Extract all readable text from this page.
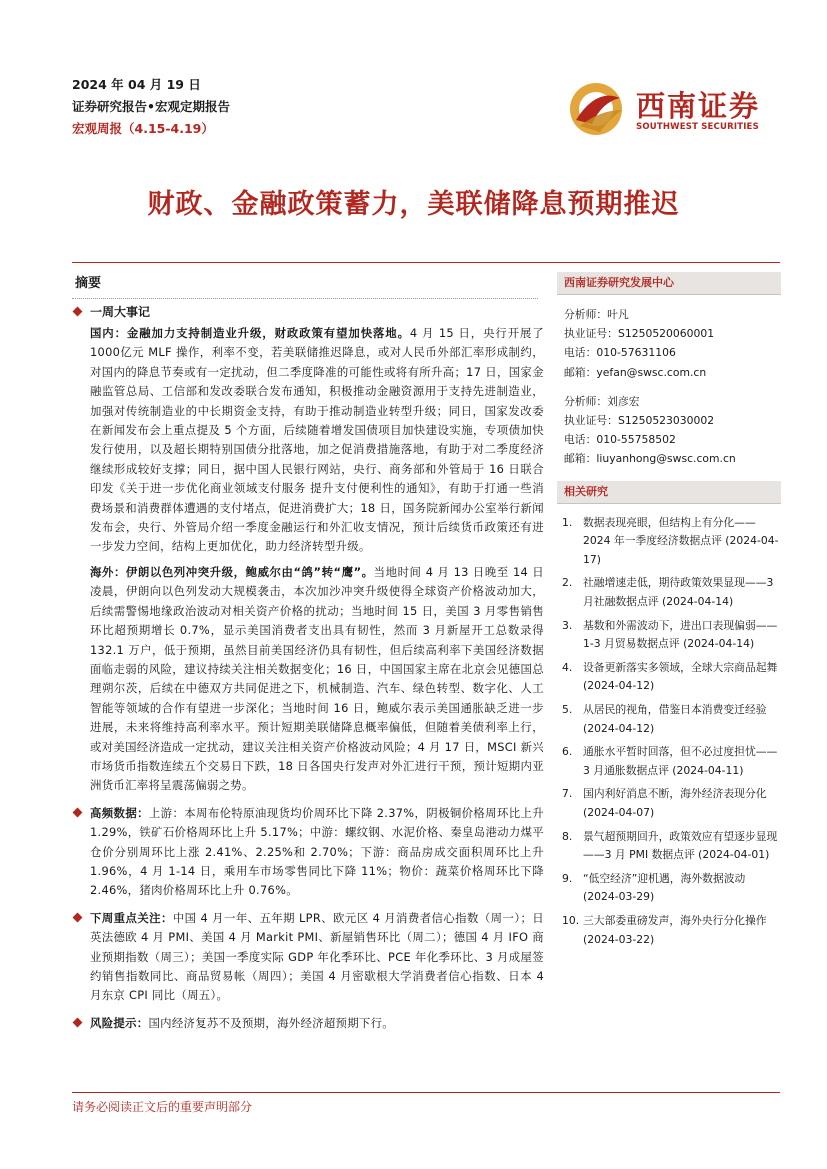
2024 年 04 月 19 日
证券研究报告•宏观定期报告
宏观周报（4.15-4.19）
西南证券
SOUTHWEST SECURITIES
财政、金融政策蓄力，美联储降息预期推迟
摘要
一周大事记
国内：金融加力支持制造业升级，财政政策有望加快落地。4 月 15 日，央行开展了 1000亿元 MLF 操作，利率不变，若美联储推迟降息，或对人民币外部汇率形成制约，对国内的降息节奏或有一定扰动，但二季度降准的可能性或将有所升高；17 日，国家金融监管总局、工信部和发改委联合发布通知，积极推动金融资源用于支持先进制造业，加强对传统制造业的中长期资金支持，有助于推动制造业转型升级；同日，国家发改委在新闻发布会上重点提及 5 个方面，后续随着增发国债项目加快建设实施，专项债加快发行使用，以及超长期特别国债分批落地，加之促消费措施落地，有助于对二季度经济继续形成较好支撑；同日，据中国人民银行网站，央行、商务部和外管局于 16 日联合印发《关于进一步优化商业领域支付服务 提升支付便利性的通知》，有助于打通一些消费场景和消费群体遭遇的支付堵点，促进消费扩大；18 日，国务院新闻办公室举行新闻发布会，央行、外管局介绍一季度金融运行和外汇收支情况，预计后续货币政策还有进一步发力空间，结构上更加优化，助力经济转型升级。
海外：伊朗以色列冲突升级，鲍威尔由“鸽”转“鹰”。当地时间 4 月 13 日晚至 14 日凌晨，伊朗向以色列发动大规模袭击，本次加沙冲突升级使得全球资产价格波动加大，后续需警惕地缘政治波动对相关资产价格的扰动；当地时间 15 日，美国 3 月零售销售环比超预期增长 0.7%，显示美国消费者支出具有韧性，然而 3 月新屋开工总数录得 132.1 万户，低于预期，虽然目前美国经济仍具有韧性，但后续高利率下美国经济数据面临走弱的风险，建议持续关注相关数据变化；16 日，中国国家主席在北京会见德国总理朔尔茨，后续在中德双方共同促进之下，机械制造、汽车、绿色转型、数字化、人工智能等领域的合作有望进一步深化；当地时间 16 日，鲍威尔表示美国通胀缺乏进一步进展，未来将维持高利率水平。预计短期美联储降息概率偏低，但随着美债利率上行，或对美国经济造成一定扰动，建议关注相关资产价格波动风险；4 月 17 日，MSCI 新兴市场货币指数连续五个交易日下跌，18 日各国央行发声对外汇进行干预，预计短期内亚洲货币汇率将呈震荡偏弱之势。
高频数据：上游：本周布伦特原油现货均价周环比下降 2.37%，阴极铜价格周环比上升 1.29%，铁矿石价格周环比上升 5.17%；中游：螺纹钢、水泥价格、秦皇岛港动力煤平仓价分别周环比上涨 2.41%、2.25%和 2.70%；下游：商品房成交面积周环比上升 1.96%，4 月 1-14 日，乘用车市场零售同比下降 11%；物价：蔬菜价格周环比下降 2.46%，猪肉价格周环比上升 0.76%。
下周重点关注：中国 4 月一年、五年期 LPR、欧元区 4 月消费者信心指数（周一）；日英法德欧 4 月 PMI、美国 4 月 Markit PMI、新屋销售环比（周二）；德国 4 月 IFO 商业预期指数（周三）；美国一季度实际 GDP 年化季环比、PCE 年化季环比、3 月成屋签约销售指数同比、商品贸易帐（周四）；美国 4 月密歇根大学消费者信心指数、日本 4 月东京 CPI 同比（周五）。
风险提示：国内经济复苏不及预期，海外经济超预期下行。
西南证券研究发展中心
分析师：叶凡
执业证号：S1250520060001
电话：010-57631106
邮箱：yefan@swsc.com.cn
分析师：刘彦宏
执业证号：S1250523030002
电话：010-55758502
邮箱：liuyanhong@swsc.com.cn
相关研究
1. 数据表现亮眼，但结构上有分化——2024 年一季度经济数据点评 (2024-04-17)
2. 社融增速走低，期待政策效果显现——3 月社融数据点评 (2024-04-14)
3. 基数和外需波动下，进出口表现偏弱——1-3 月贸易数据点评 (2024-04-14)
4. 设备更新落实多领域，全球大宗商品起舞 (2024-04-12)
5. 从居民的视角，借鉴日本消费变迁经验 (2024-04-12)
6. 通胀水平暂时回落，但不必过度担忧——3 月通胀数据点评 (2024-04-11)
7. 国内利好消息不断，海外经济表现分化 (2024-04-07)
8. 景气超预期回升，政策效应有望逐步显现——3 月 PMI 数据点评 (2024-04-01)
9. “低空经济”迎机遇，海外数据波动 (2024-03-29)
10. 三大部委重磅发声，海外央行分化操作 (2024-03-22)
请务必阅读正文后的重要声明部分
